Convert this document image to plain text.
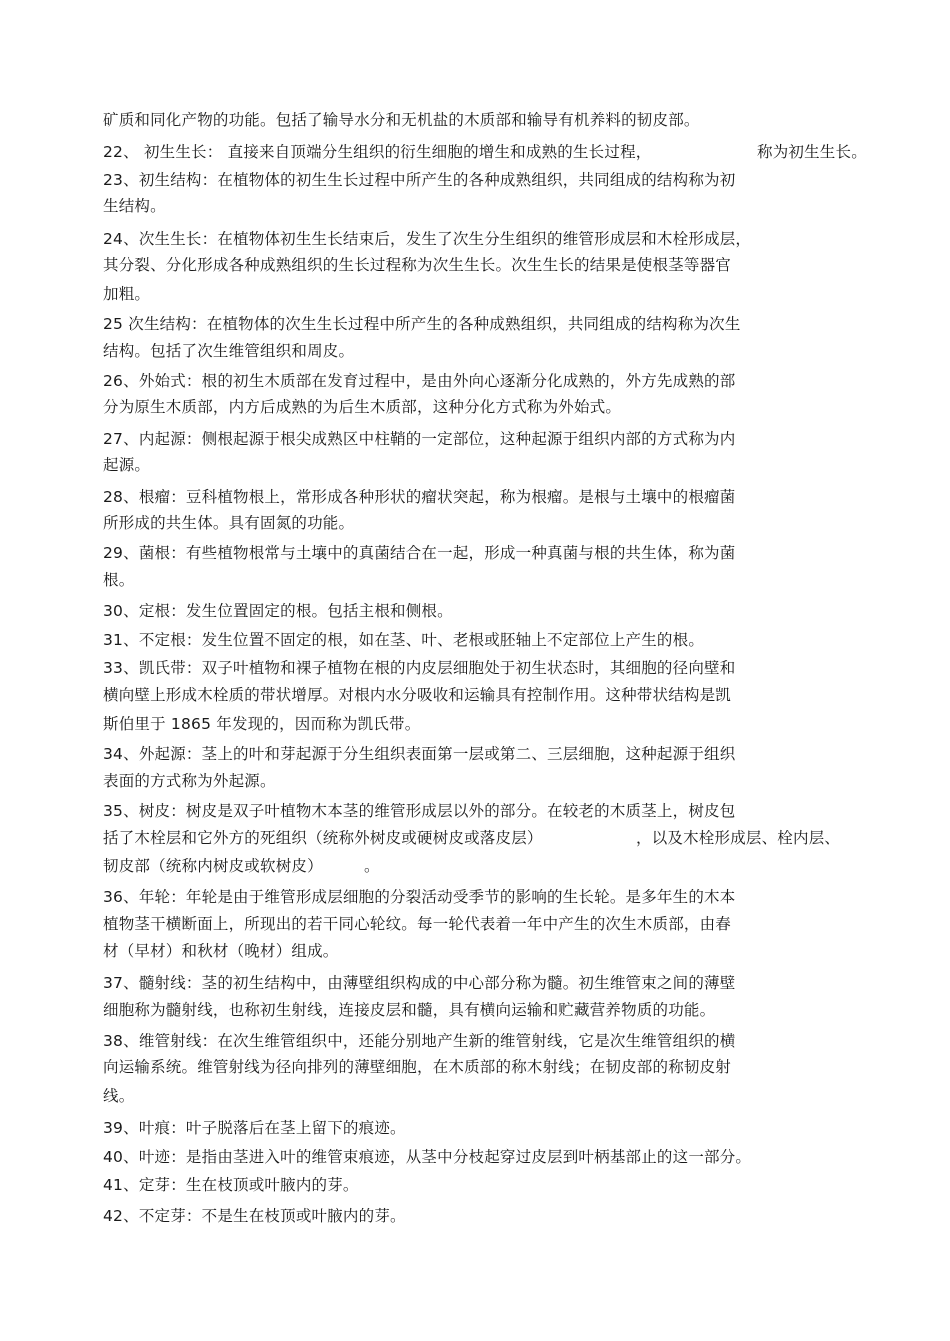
矿质和同化产物的功能。包括了输导水分和无机盐的木质部和输导有机养料的韧皮部。
22、 初生生长： 直接来自顶端分生组织的衍生细胞的增生和成熟的生长过程，	称为初生生长。
23、初生结构：在植物体的初生生长过程中所产生的各种成熟组织，共同组成的结构称为初
生结构。
24、次生生长：在植物体初生生长结束后，发生了次生分生组织的维管形成层和木栓形成层，
其分裂、分化形成各种成熟组织的生长过程称为次生生长。次生生长的结果是使根茎等器官
加粗。
25 次生结构：在植物体的次生生长过程中所产生的各种成熟组织，共同组成的结构称为次生
结构。包括了次生维管组织和周皮。
26、外始式：根的初生木质部在发育过程中，是由外向心逐渐分化成熟的，外方先成熟的部
分为原生木质部，内方后成熟的为后生木质部，这种分化方式称为外始式。
27、内起源：侧根起源于根尖成熟区中柱鞘的一定部位，这种起源于组织内部的方式称为内
起源。
28、根瘤：豆科植物根上，常形成各种形状的瘤状突起，称为根瘤。是根与土壤中的根瘤菌
所形成的共生体。具有固氮的功能。
29、菌根：有些植物根常与土壤中的真菌结合在一起，形成一种真菌与根的共生体，称为菌
根。
30、定根：发生位置固定的根。包括主根和侧根。
31、不定根：发生位置不固定的根，如在茎、叶、老根或胚轴上不定部位上产生的根。
33、凯氏带：双子叶植物和裸子植物在根的内皮层细胞处于初生状态时，其细胞的径向壁和
横向壁上形成木栓质的带状增厚。对根内水分吸收和运输具有控制作用。这种带状结构是凯
斯伯里于 1865 年发现的，因而称为凯氏带。
34、外起源：茎上的叶和芽起源于分生组织表面第一层或第二、三层细胞，这种起源于组织
表面的方式称为外起源。
35、树皮：树皮是双子叶植物木本茎的维管形成层以外的部分。在较老的木质茎上，树皮包
括了木栓层和它外方的死组织（统称外树皮或硬树皮或落皮层）	，以及木栓形成层、栓内层、
韧皮部（统称内树皮或软树皮）	。
36、年轮：年轮是由于维管形成层细胞的分裂活动受季节的影响的生长轮。是多年生的木本
植物茎干横断面上，所现出的若干同心轮纹。每一轮代表着一年中产生的次生木质部，由春
材（早材）和秋材（晚材）组成。
37、髓射线：茎的初生结构中，由薄壁组织构成的中心部分称为髓。初生维管束之间的薄壁
细胞称为髓射线，也称初生射线，连接皮层和髓，具有横向运输和贮藏营养物质的功能。
38、维管射线：在次生维管组织中，还能分别地产生新的维管射线，它是次生维管组织的横
向运输系统。维管射线为径向排列的薄壁细胞，在木质部的称木射线；在韧皮部的称韧皮射
线。
39、叶痕：叶子脱落后在茎上留下的痕迹。
40、叶迹：是指由茎进入叶的维管束痕迹，从茎中分枝起穿过皮层到叶柄基部止的这一部分。
41、定芽：生在枝顶或叶腋内的芽。
42、不定芽：不是生在枝顶或叶腋内的芽。
